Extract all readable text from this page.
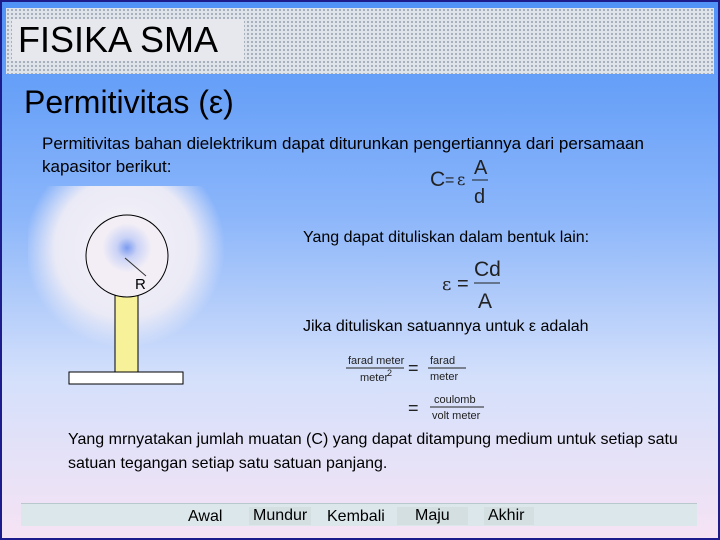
FISIKA SMA
Permitivitas (ε)
Permitivitas bahan dielektrikum dapat diturunkan pengertiannya dari persamaan kapasitor berikut:
C = ε
A
d
Yang dapat dituliskan dalam bentuk lain:
ε =
Cd
A
Jika dituliskan satuannya untuk ε adalah
farad meter
meter
2 = farad
meter
= coulomb
volt meter
R
Yang mrnyatakan jumlah muatan (C) yang dapat ditampung medium untuk setiap satu satuan tegangan setiap satu satuan panjang.
Awal Mundur Kembali	Maju	Akhir
